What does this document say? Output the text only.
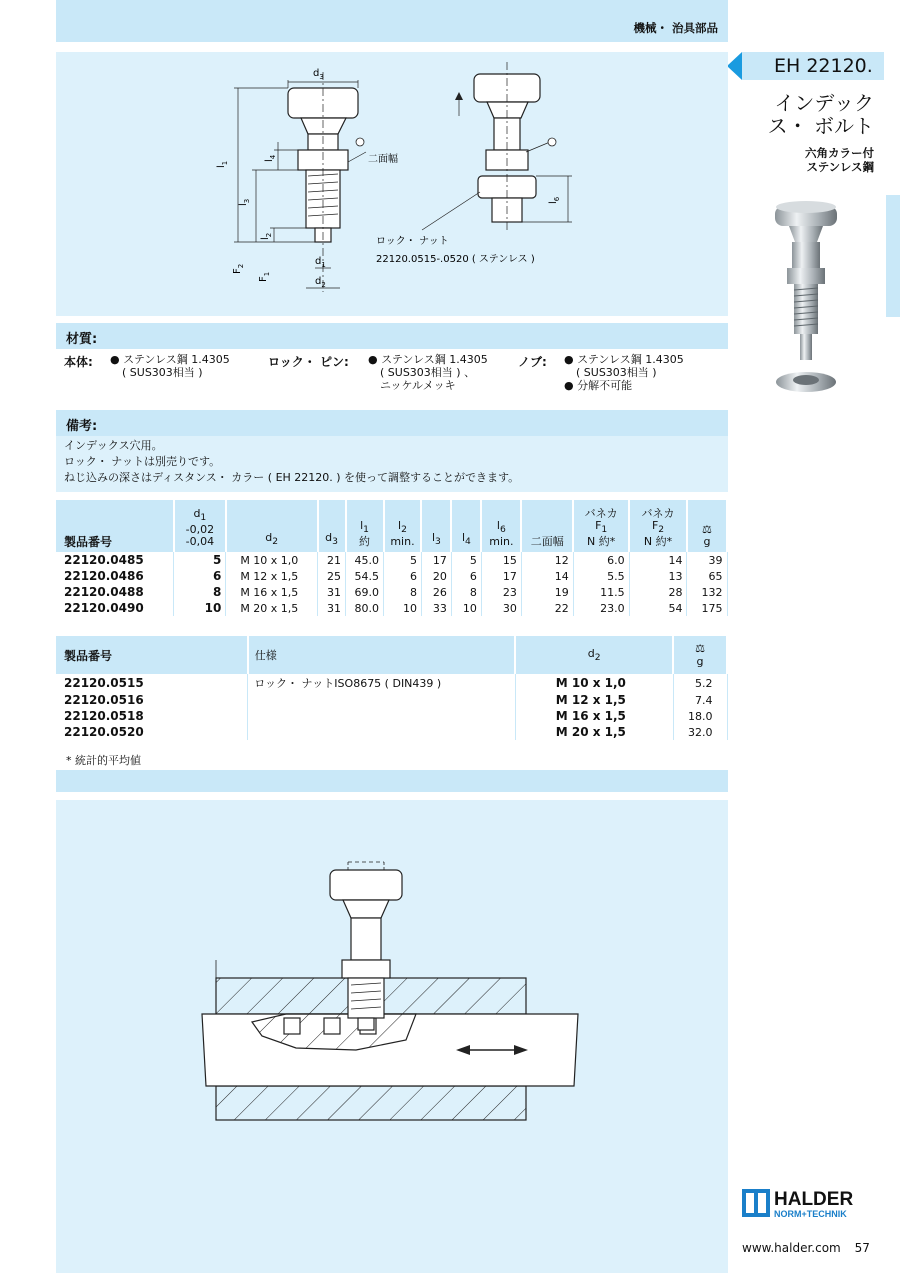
機械・ 治具部品
EH 22120.
インデック
ス・ ボルト
六角カラー付
ステンレス鋼
$d_3$
$l_1$
$l_3$
$l_4$
$l_2$
$F_2$
$F_1$
$d_1$
$d_2$
二面幅
$l_6$
ロック・ ナット
22120.0515-.0520 ( ステンレス )
材質:
本体: ● ステンレス鋼 1.4305
( SUS303相当 )
ロック・ ピン: ● ステンレス鋼 1.4305
( SUS303相当 ) 、
ニッケルメッキ
ノブ: ● ステンレス鋼 1.4305
( SUS303相当 )
● 分解不可能
備考:
インデックス穴用。
ロック・ ナットは別売りです。
ねじ込みの深さはディスタンス・ カラー ( EH 22120. ) を使って調整することができます。
製品番号	$d_1$
-0,02
-0,04	$d_2$	$d_3$	$l_1$
約	$l_2$
min.	$l_3$	$l_4$	$l_6$
min.	二面幅	バネカ
$F_1$
N 約*	バネカ
$F_2$
N 約*	⚖
g
22120.0485	5	M 10 x 1,0	21	45.0	5	17	5	15	12	6.0	14	39
22120.0486	6	M 12 x 1,5	25	54.5	6	20	6	17	14	5.5	13	65
22120.0488	8	M 16 x 1,5	31	69.0	8	26	8	23	19	11.5	28	132
22120.0490	10	M 20 x 1,5	31	80.0	10	33	10	30	22	23.0	54	175
製品番号	仕様	$d_2$	⚖
g
22120.0515	ロック・ ナットISO8675 ( DIN439 )	M 10 x 1,0	5.2
22120.0516		M 12 x 1,5	7.4
22120.0518		M 16 x 1,5	18.0
22120.0520		M 20 x 1,5	32.0
* 統計的平均値
HALDER
NORM+TECHNIK
www.halder.com 57
